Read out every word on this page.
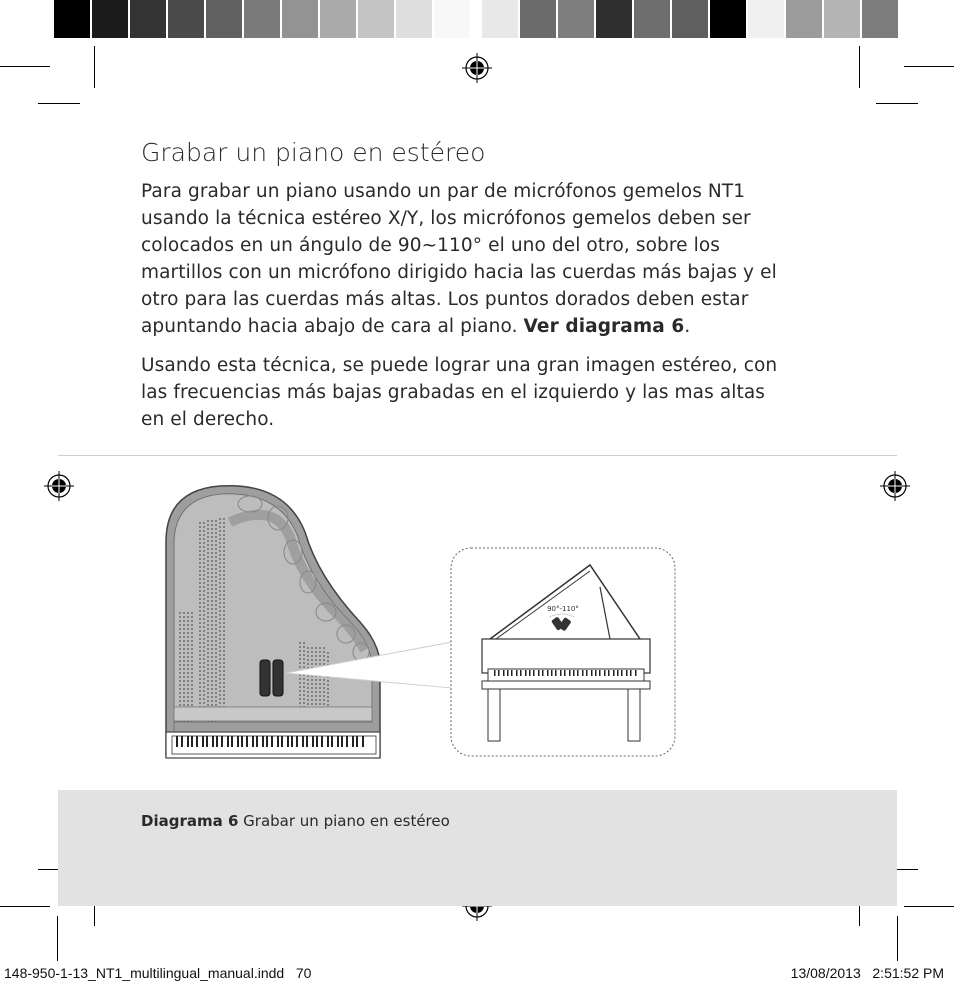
Grabar un piano en estéreo

Para grabar un piano usando un par de micrófonos gemelos NT1 usando la técnica estéreo X/Y, los micrófonos gemelos deben ser colocados en un ángulo de 90~110° el uno del otro, sobre los martillos con un micrófono dirigido hacia las cuerdas más bajas y el otro para las cuerdas más altas. Los puntos dorados deben estar apuntando hacia abajo de cara al piano. Ver diagrama 6.

Usando esta técnica, se puede lograr una gran imagen estéreo, con las frecuencias más bajas grabadas en el izquierdo y las mas altas en el derecho.

90°-110°
Diagrama 6 Grabar un piano en estéreo
148-950-1-13_NT1_multilingual_manual.indd   70	13/08/2013   2:51:52 PM
